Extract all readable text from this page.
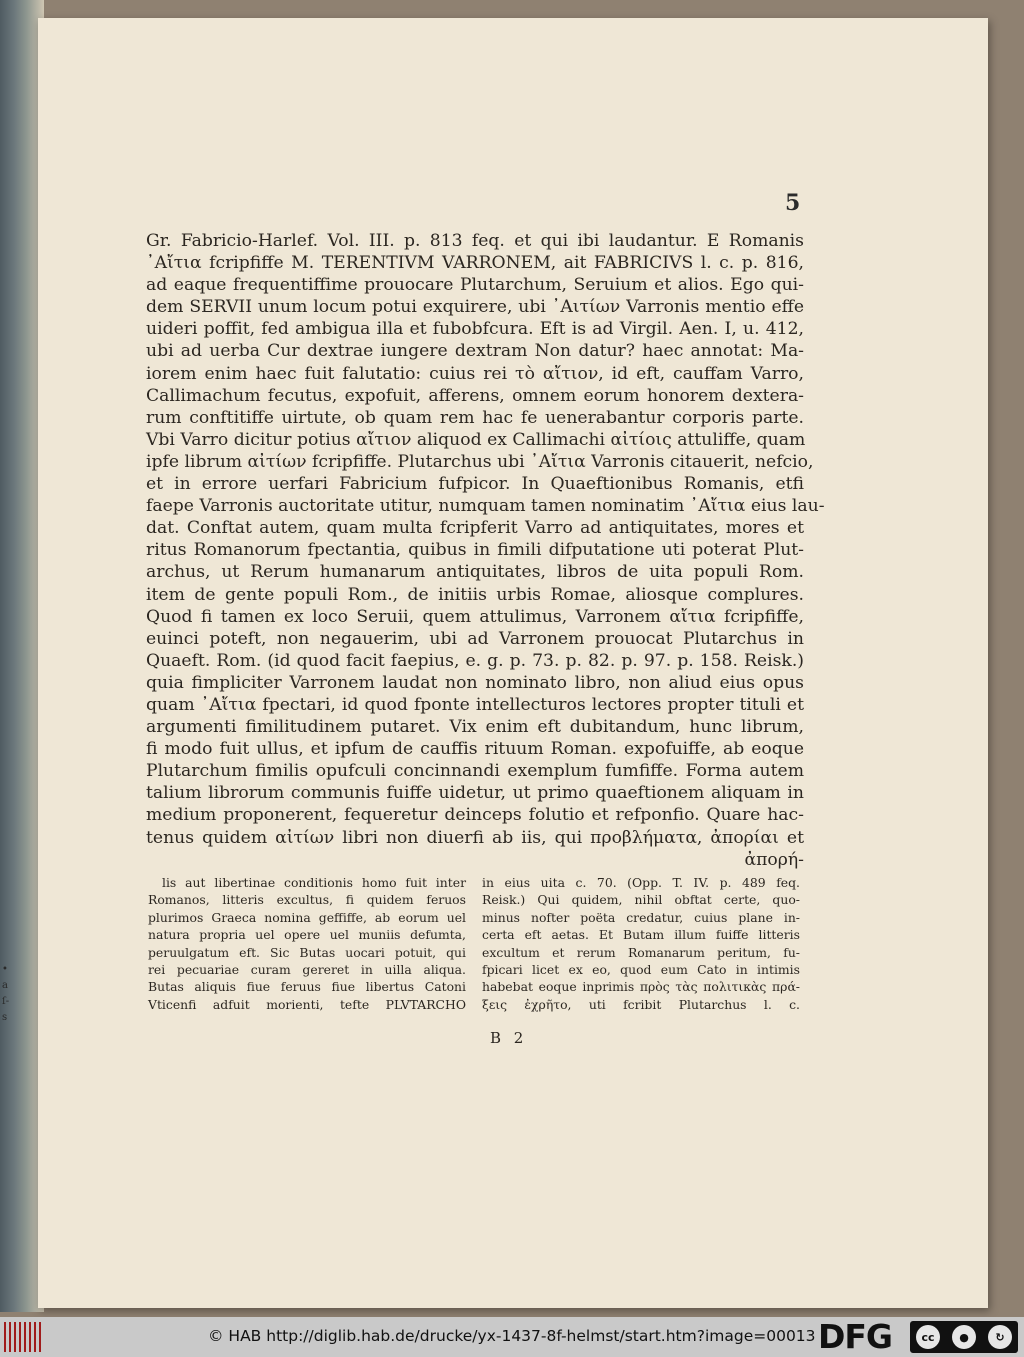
•
a
ſ-
s
5

Gr. Fabricio-Harlef. Vol. III. p. 813 feq. et qui ibi laudantur. E Romanis
᾿Αἴτια fcripfiffe M. TERENTIVM VARRONEM, ait FABRICIVS l. c. p. 816,
ad eaque frequentiffime prouocare Plutarchum, Seruium et alios. Ego qui-
dem SERVII unum locum potui exquirere, ubi ᾿Αιτίων Varronis mentio effe
uideri poffit, fed ambigua illa et fubobfcura. Eft is ad Virgil. Aen. I, u. 412,
ubi ad uerba Cur dextrae iungere dextram Non datur? haec annotat: Ma-
iorem enim haec fuit falutatio: cuius rei τὸ αἴτιον, id eft, cauffam Varro,
Callimachum fecutus, expofuit, afferens, omnem eorum honorem dextera-
rum conftitiffe uirtute, ob quam rem hac fe uenerabantur corporis parte.
Vbi Varro dicitur potius αἴτιον aliquod ex Callimachi αἰτίοις attuliffe, quam
ipfe librum αἰτίων fcripfiffe. Plutarchus ubi ᾿Αἴτια Varronis citauerit, nefcio,
et in errore uerfari Fabricium fufpicor. In Quaeftionibus Romanis, etfi
faepe Varronis auctoritate utitur, numquam tamen nominatim ᾿Αἴτια eius lau-
dat. Conftat autem, quam multa fcripferit Varro ad antiquitates, mores et
ritus Romanorum fpectantia, quibus in fimili difputatione uti poterat Plut-
archus, ut Rerum humanarum antiquitates, libros de uita populi Rom.
item de gente populi Rom., de initiis urbis Romae, aliosque complures.
Quod fi tamen ex loco Seruii, quem attulimus, Varronem αἴτια fcripfiffe,
euinci poteft, non negauerim, ubi ad Varronem prouocat Plutarchus in
Quaeft. Rom. (id quod facit faepius, e. g. p. 73. p. 82. p. 97. p. 158. Reisk.)
quia fimpliciter Varronem laudat non nominato libro, non aliud eius opus
quam ᾿Αἴτια fpectari, id quod fponte intellecturos lectores propter tituli et
argumenti fimilitudinem putaret. Vix enim eft dubitandum, hunc librum,
fi modo fuit ullus, et ipfum de cauffis rituum Roman. expofuiffe, ab eoque
Plutarchum fimilis opufculi concinnandi exemplum fumfiffe. Forma autem
talium librorum communis fuiffe uidetur, ut primo quaeftionem aliquam in
medium proponerent, fequeretur deinceps folutio et refponfio. Quare hac-
tenus quidem αἰτίων libri non diuerfi ab iis, qui προβλήματα, ἀπορίαι et
ἀπορή-

lis aut libertinae conditionis homo fuit inter
Romanos, litteris excultus, fi quidem feruos
plurimos Graeca nomina geffiffe, ab eorum uel
natura propria uel opere uel muniis defumta,
peruulgatum eft. Sic Butas uocari potuit, qui
rei pecuariae curam gereret in uilla aliqua.
Butas aliquis fiue feruus fiue libertus Catoni
Vticenfi adfuit morienti, tefte PLVTARCHO

in eius uita c. 70. (Opp. T. IV. p. 489 feq.
Reisk.) Qui quidem, nihil obftat certe, quo-
minus nofter poëta credatur, cuius plane in-
certa eft aetas. Et Butam illum fuiffe litteris
excultum et rerum Romanarum peritum, fu-
fpicari licet ex eo, quod eum Cato in intimis
habebat eoque inprimis πρὸς τὰς πολιτικὰς πρά-
ξεις ἐχρῆτο, uti fcribit Plutarchus l. c.

B 2
© HAB http://diglib.hab.de/drucke/yx-1437-8f-helmst/start.htm?image=00013 DFG	cc	●	↻
